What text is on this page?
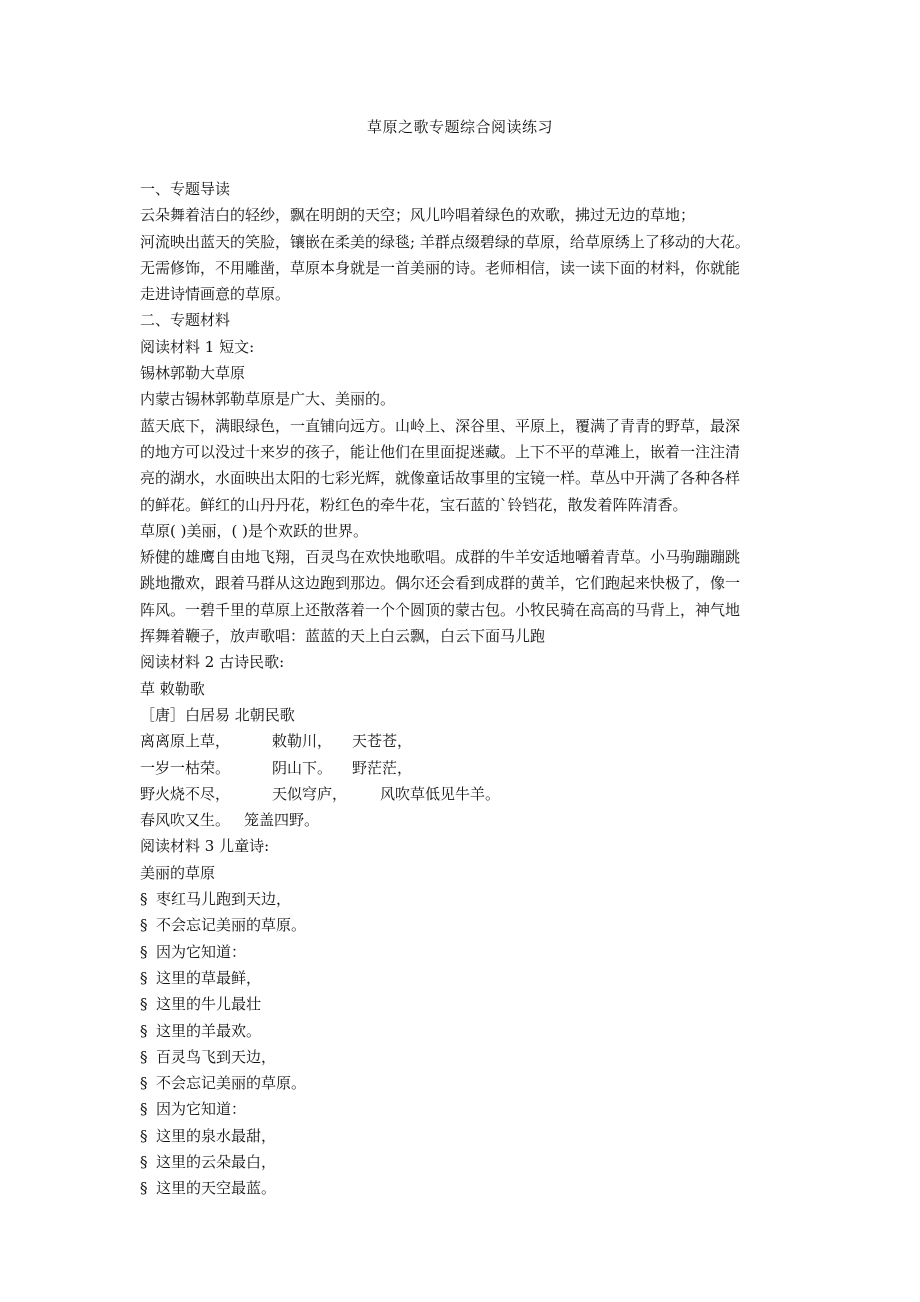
草原之歌专题综合阅读练习
一、专题导读
云朵舞着洁白的轻纱，飘在明朗的天空；风儿吟唱着绿色的欢歌，拂过无边的草地；
河流映出蓝天的笑脸，镶嵌在柔美的绿毯; 羊群点缀碧绿的草原，给草原绣上了移动的大花。
无需修饰，不用雕凿，草原本身就是一首美丽的诗。老师相信，读一读下面的材料，你就能
走进诗情画意的草原。
二、专题材料
阅读材料 1 短文:
锡林郭勒大草原
内蒙古锡林郭勒草原是广大、美丽的。
蓝天底下，满眼绿色，一直铺向远方。山岭上、深谷里、平原上，覆满了青青的野草，最深
的地方可以没过十来岁的孩子，能让他们在里面捉迷藏。上下不平的草滩上，嵌着一注注清
亮的湖水，水面映出太阳的七彩光辉，就像童话故事里的宝镜一样。草丛中开满了各种各样
的鲜花。鲜红的山丹丹花，粉红色的牵牛花，宝石蓝的`铃铛花，散发着阵阵清香。
草原( )美丽，( )是个欢跃的世界。
矫健的雄鹰自由地飞翔，百灵鸟在欢快地歌唱。成群的牛羊安适地嚼着青草。小马驹蹦蹦跳
跳地撒欢，跟着马群从这边跑到那边。偶尔还会看到成群的黄羊，它们跑起来快极了，像一
阵风。一碧千里的草原上还散落着一个个圆顶的蒙古包。小牧民骑在高高的马背上，神气地
挥舞着鞭子，放声歌唱：蓝蓝的天上白云飘，白云下面马儿跑
阅读材料 2 古诗民歌:
草 敕勒歌
［唐］白居易 北朝民歌
离离原上草，	敕勒川， 天苍苍，
一岁一枯荣。	阴山下。 野茫茫，
野火烧不尽，	天似穹庐， 风吹草低见牛羊。
春风吹又生。 笼盖四野。
阅读材料 3 儿童诗:
美丽的草原
§ 枣红马儿跑到天边，
§ 不会忘记美丽的草原。
§ 因为它知道：
§ 这里的草最鲜，
§ 这里的牛儿最壮
§ 这里的羊最欢。
§ 百灵鸟飞到天边，
§ 不会忘记美丽的草原。
§ 因为它知道：
§ 这里的泉水最甜，
§ 这里的云朵最白，
§ 这里的天空最蓝。
